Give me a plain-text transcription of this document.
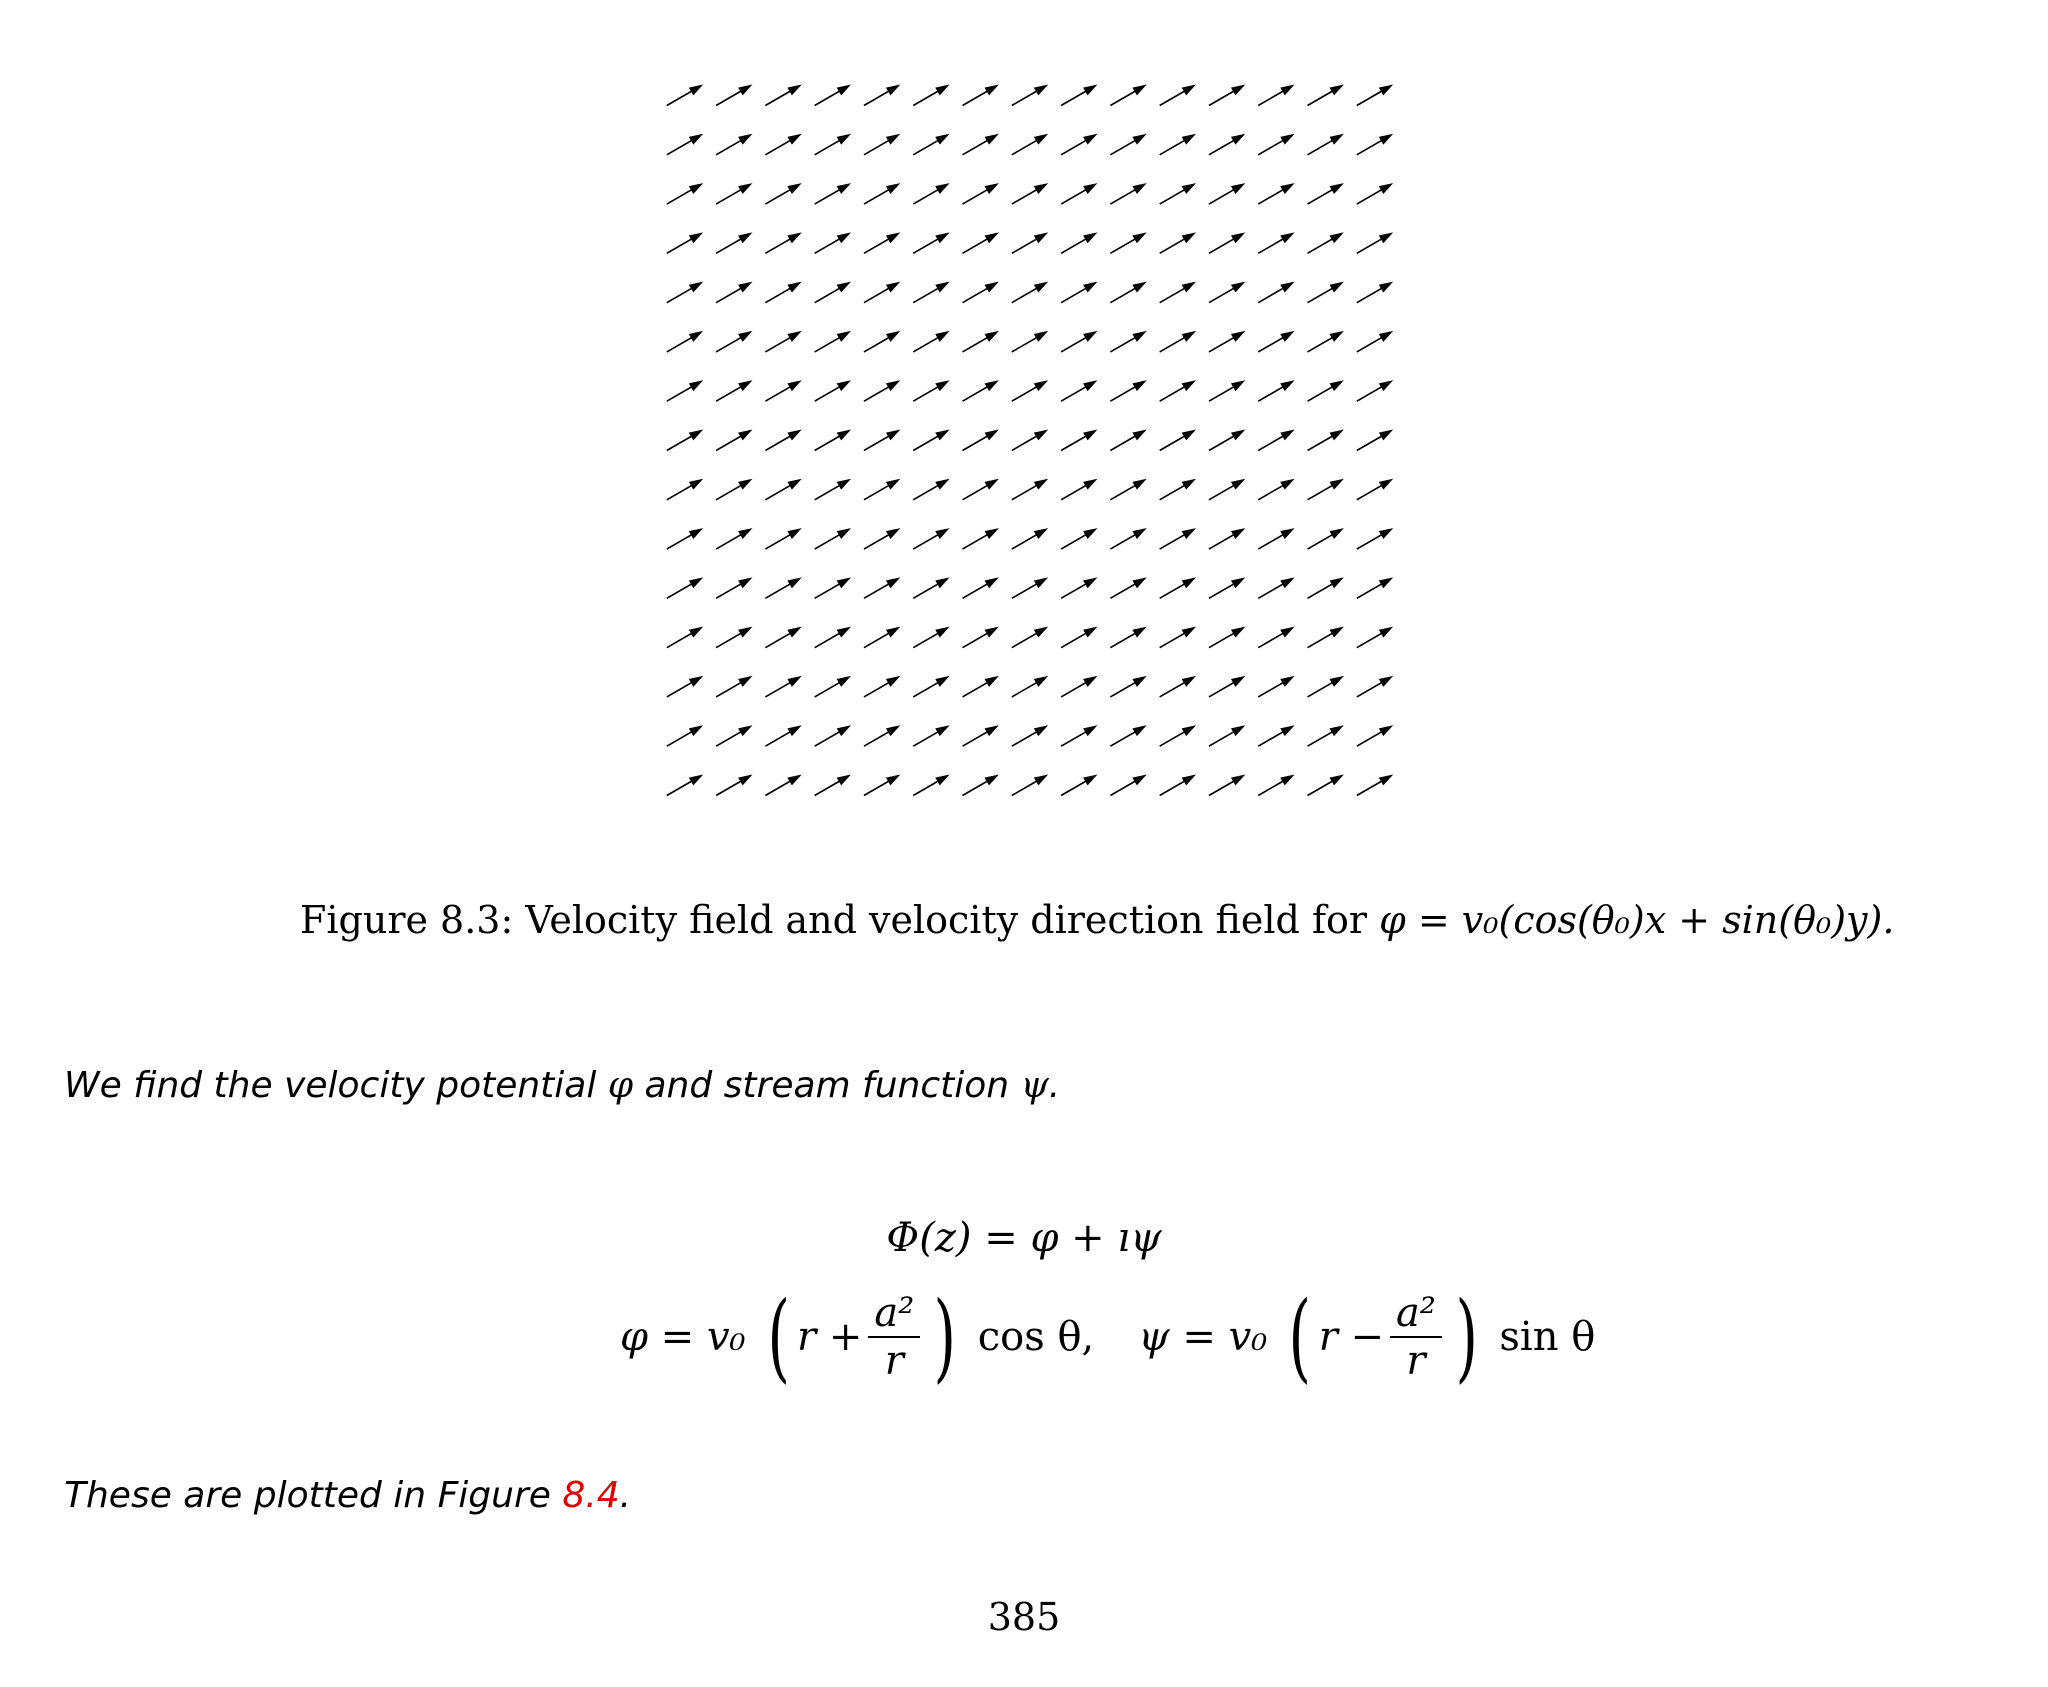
Figure 8.3: Velocity field and velocity direction field for φ = v₀(cos(θ₀)x + sin(θ₀)y).
We find the velocity potential φ and stream function ψ.
Φ(z) = φ + ıψ
φ = v₀ ( $r + \frac{\text{a²}}{r}$ ) cos θ, ψ = v₀ ( $r - \frac{\text{a²}}{r}$ ) sin θ
These are plotted in Figure 8.4.
385
